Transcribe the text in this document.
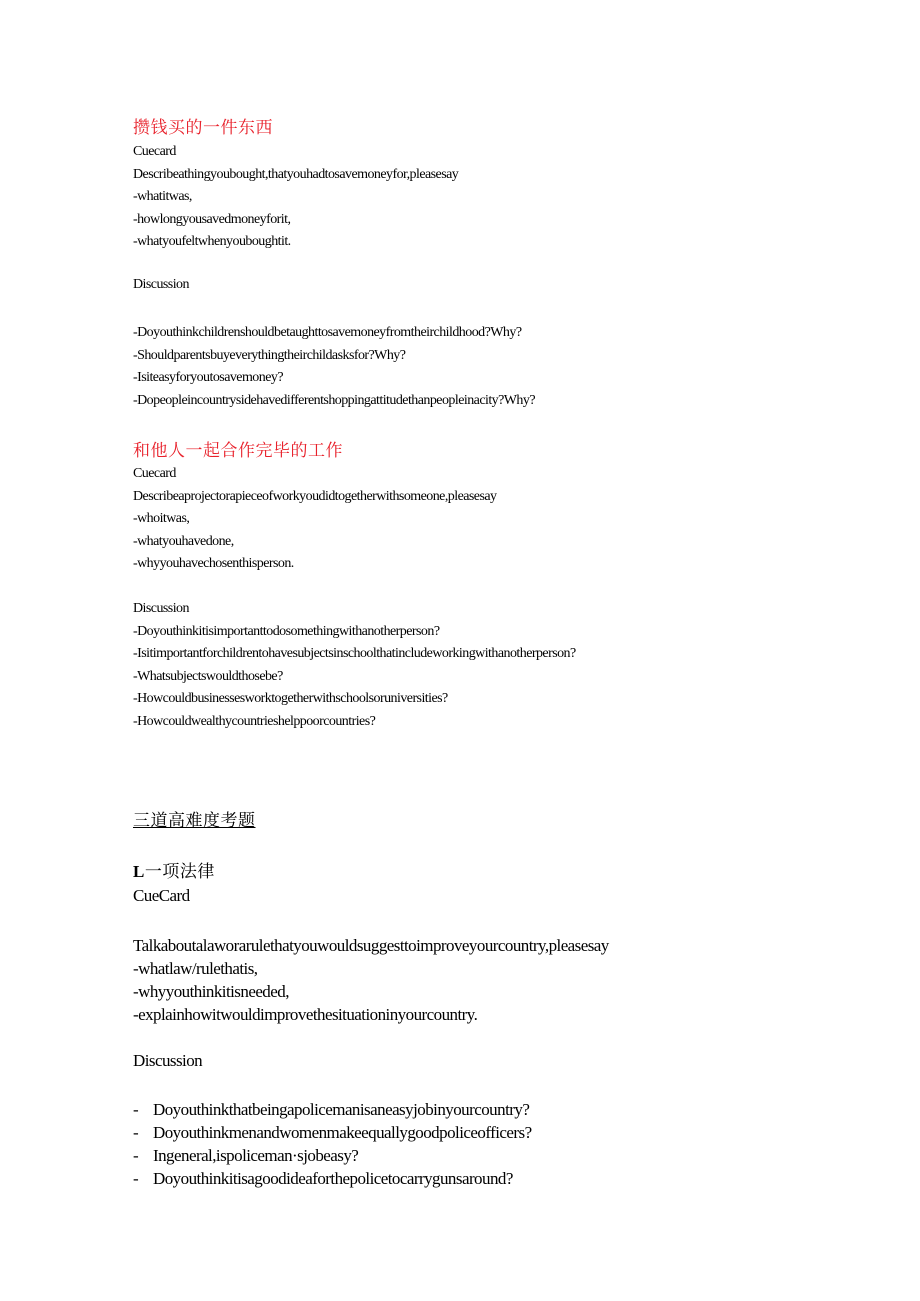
攒钱买的一件东西
Cuecard
Describeathingyoubought,thatyouhadtosavemoneyfor,pleasesay
-whatitwas,
-howlongyousavedmoneyforit,
-whatyoufeltwhenyouboughtit.
Discussion
-Doyouthinkchildrenshouldbetaughttosavemoneyfromtheirchildhood?Why?
-Shouldparentsbuyeverythingtheirchildasksfor?Why?
-Isiteasyforyoutosavemoney?
-Dopeopleincountrysidehavedifferentshoppingattitudethanpeopleinacity?Why?
和他人一起合作完毕的工作
Cuecard
Describeaprojectorapieceofworkyoudidtogetherwithsomeone,pleasesay
-whoitwas,
-whatyouhavedone,
-whyyouhavechosenthisperson.
Discussion
-Doyouthinkitisimportanttodosomethingwithanotherperson?
-Isitimportantforchildrentohavesubjectsinschoolthatincludeworkingwithanotherperson?
-Whatsubjectswouldthosebe?
-Howcouldbusinessesworktogetherwithschoolsoruniversities?
-Howcouldwealthycountrieshelppoorcountries?
三道高难度考题
L一项法律
CueCard
Talkaboutalaworarulethatyouwouldsuggesttoimproveyourcountry,pleasesay
-whatlaw/rulethatis,
-whyyouthinkitisneeded,
-explainhowitwouldimprovethesituationinyourcountry.
Discussion
- Doyouthinkthatbeingapolicemanisaneasyjobinyourcountry?
- Doyouthinkmenandwomenmakeequallygoodpoliceofficers?
- Ingeneral,ispoliceman·sjobeasy?
- Doyouthinkitisagoodideaforthepolicetocarrygunsaround?
